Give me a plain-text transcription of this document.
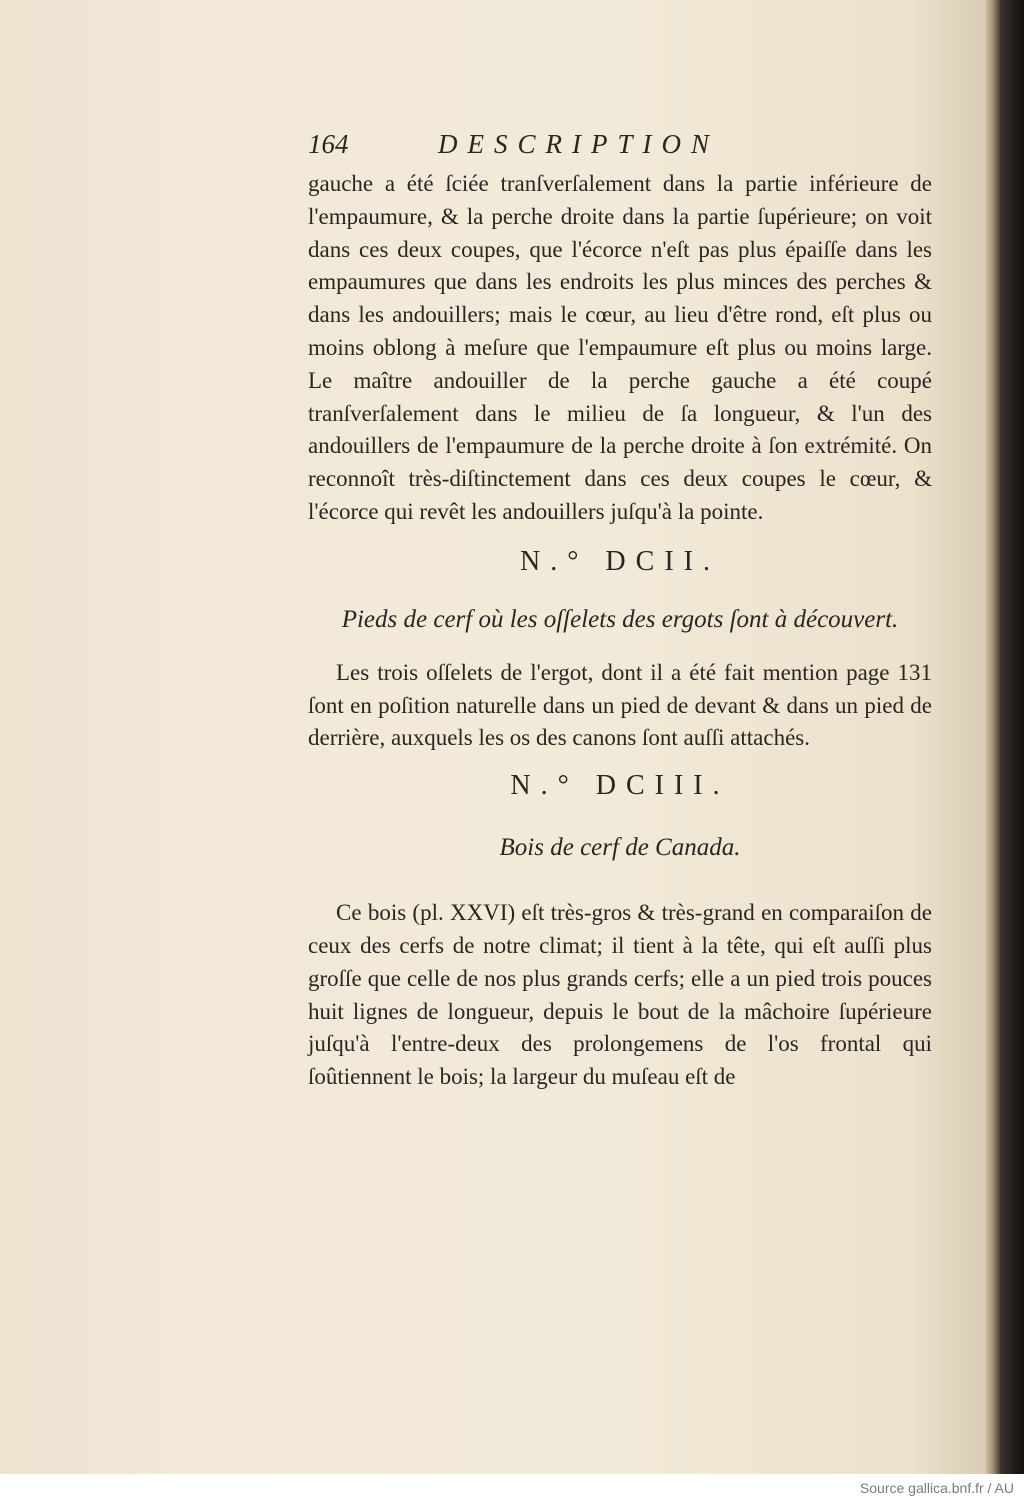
164	DESCRIPTION

gauche a été ſciée tranſverſalement dans la partie inférieure de l'empaumure, & la perche droite dans la partie ſupérieure; on voit dans ces deux coupes, que l'écorce n'eſt pas plus épaiſſe dans les empaumures que dans les endroits les plus minces des perches & dans les andouillers; mais le cœur, au lieu d'être rond, eſt plus ou moins oblong à meſure que l'empaumure eſt plus ou moins large. Le maître andouiller de la perche gauche a été coupé tranſverſalement dans le milieu de ſa longueur, & l'un des andouillers de l'empaumure de la perche droite à ſon extrémité. On reconnoît très-diſtinctement dans ces deux coupes le cœur, & l'écorce qui revêt les andouillers juſqu'à la pointe.

N.° DCII.
Pieds de cerf où les oſſelets des ergots ſont à découvert.

Les trois oſſelets de l'ergot, dont il a été fait mention page 131 ſont en poſition naturelle dans un pied de devant & dans un pied de derrière, auxquels les os des canons ſont auſſi attachés.

N.° DCIII.
Bois de cerf de Canada.

Ce bois (pl. XXVI) eſt très-gros & très-grand en comparaiſon de ceux des cerfs de notre climat; il tient à la tête, qui eſt auſſi plus groſſe que celle de nos plus grands cerfs; elle a un pied trois pouces huit lignes de longueur, depuis le bout de la mâchoire ſupérieure juſqu'à l'entre-deux des prolongemens de l'os frontal qui ſoûtiennent le bois; la largeur du muſeau eſt de

Source gallica.bnf.fr / AU
